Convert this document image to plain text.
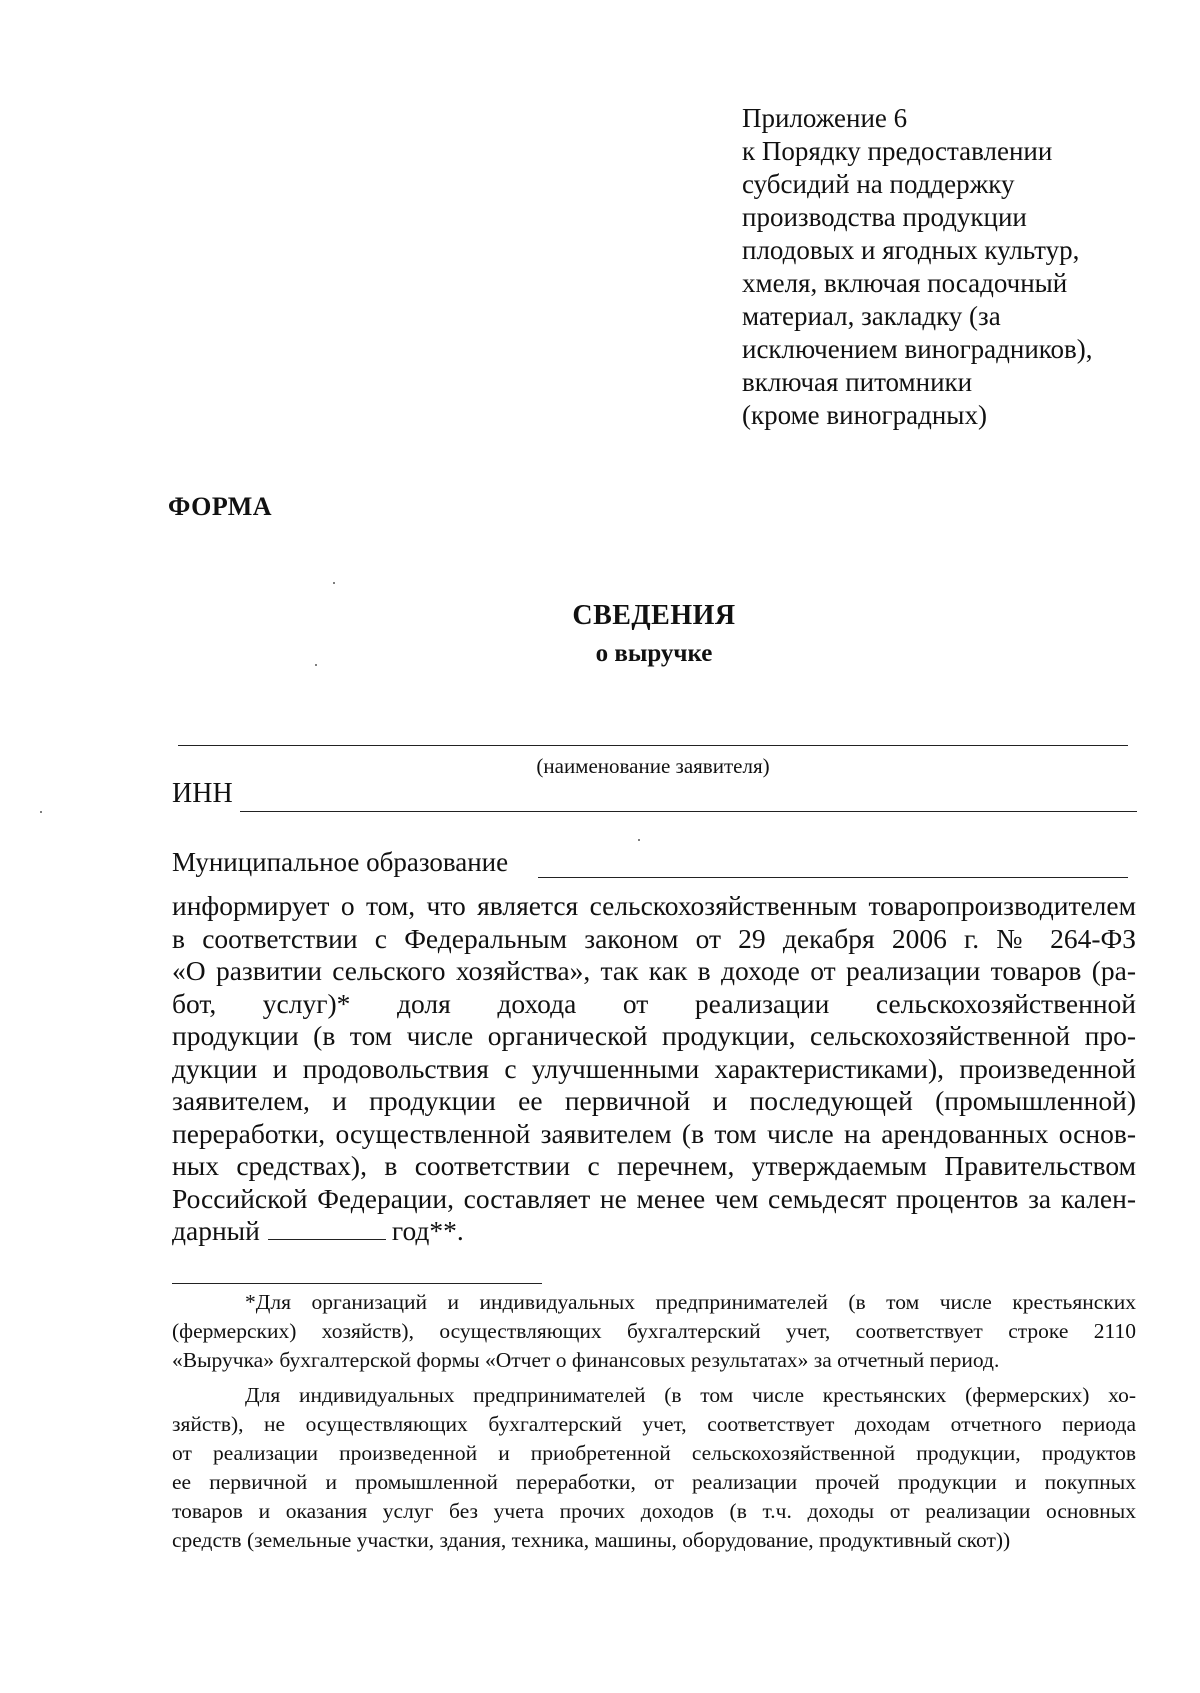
Приложение 6
к Порядку предоставлении
субсидий на поддержку
производства продукции
плодовых и ягодных культур,
хмеля, включая посадочный
материал, закладку (за
исключением виноградников),
включая питомники
(кроме виноградных)
ФОРМА
СВЕДЕНИЯ
о выручке
(наименование заявителя)
ИНН
Муниципальное образование
информирует о том, что является сельскохозяйственным товаропроизводителем
в соответствии с Федеральным законом от 29 декабря 2006 г. № 264-ФЗ
«О развитии сельского хозяйства», так как в доходе от реализации товаров (ра-
бот, услуг)* доля дохода от реализации сельскохозяйственной
продукции (в том числе органической продукции, сельскохозяйственной про-
дукции и продовольствия с улучшенными характеристиками), произведенной
заявителем, и продукции ее первичной и последующей (промышленной)
переработки, осуществленной заявителем (в том числе на арендованных основ-
ных средствах), в соответствии с перечнем, утверждаемым Правительством
Российской Федерации, составляет не менее чем семьдесят процентов за кален-
дарный	год**.
*Для организаций и индивидуальных предпринимателей (в том числе крестьянских
(фермерских) хозяйств), осуществляющих бухгалтерский учет, соответствует строке 2110
«Выручка» бухгалтерской формы «Отчет о финансовых результатах» за отчетный период.
Для индивидуальных предпринимателей (в том числе крестьянских (фермерских) хо-
зяйств), не осуществляющих бухгалтерский учет, соответствует доходам отчетного периода
от реализации произведенной и приобретенной сельскохозяйственной продукции, продуктов
ее первичной и промышленной переработки, от реализации прочей продукции и покупных
товаров и оказания услуг без учета прочих доходов (в т.ч. доходы от реализации основных
средств (земельные участки, здания, техника, машины, оборудование, продуктивный скот))
